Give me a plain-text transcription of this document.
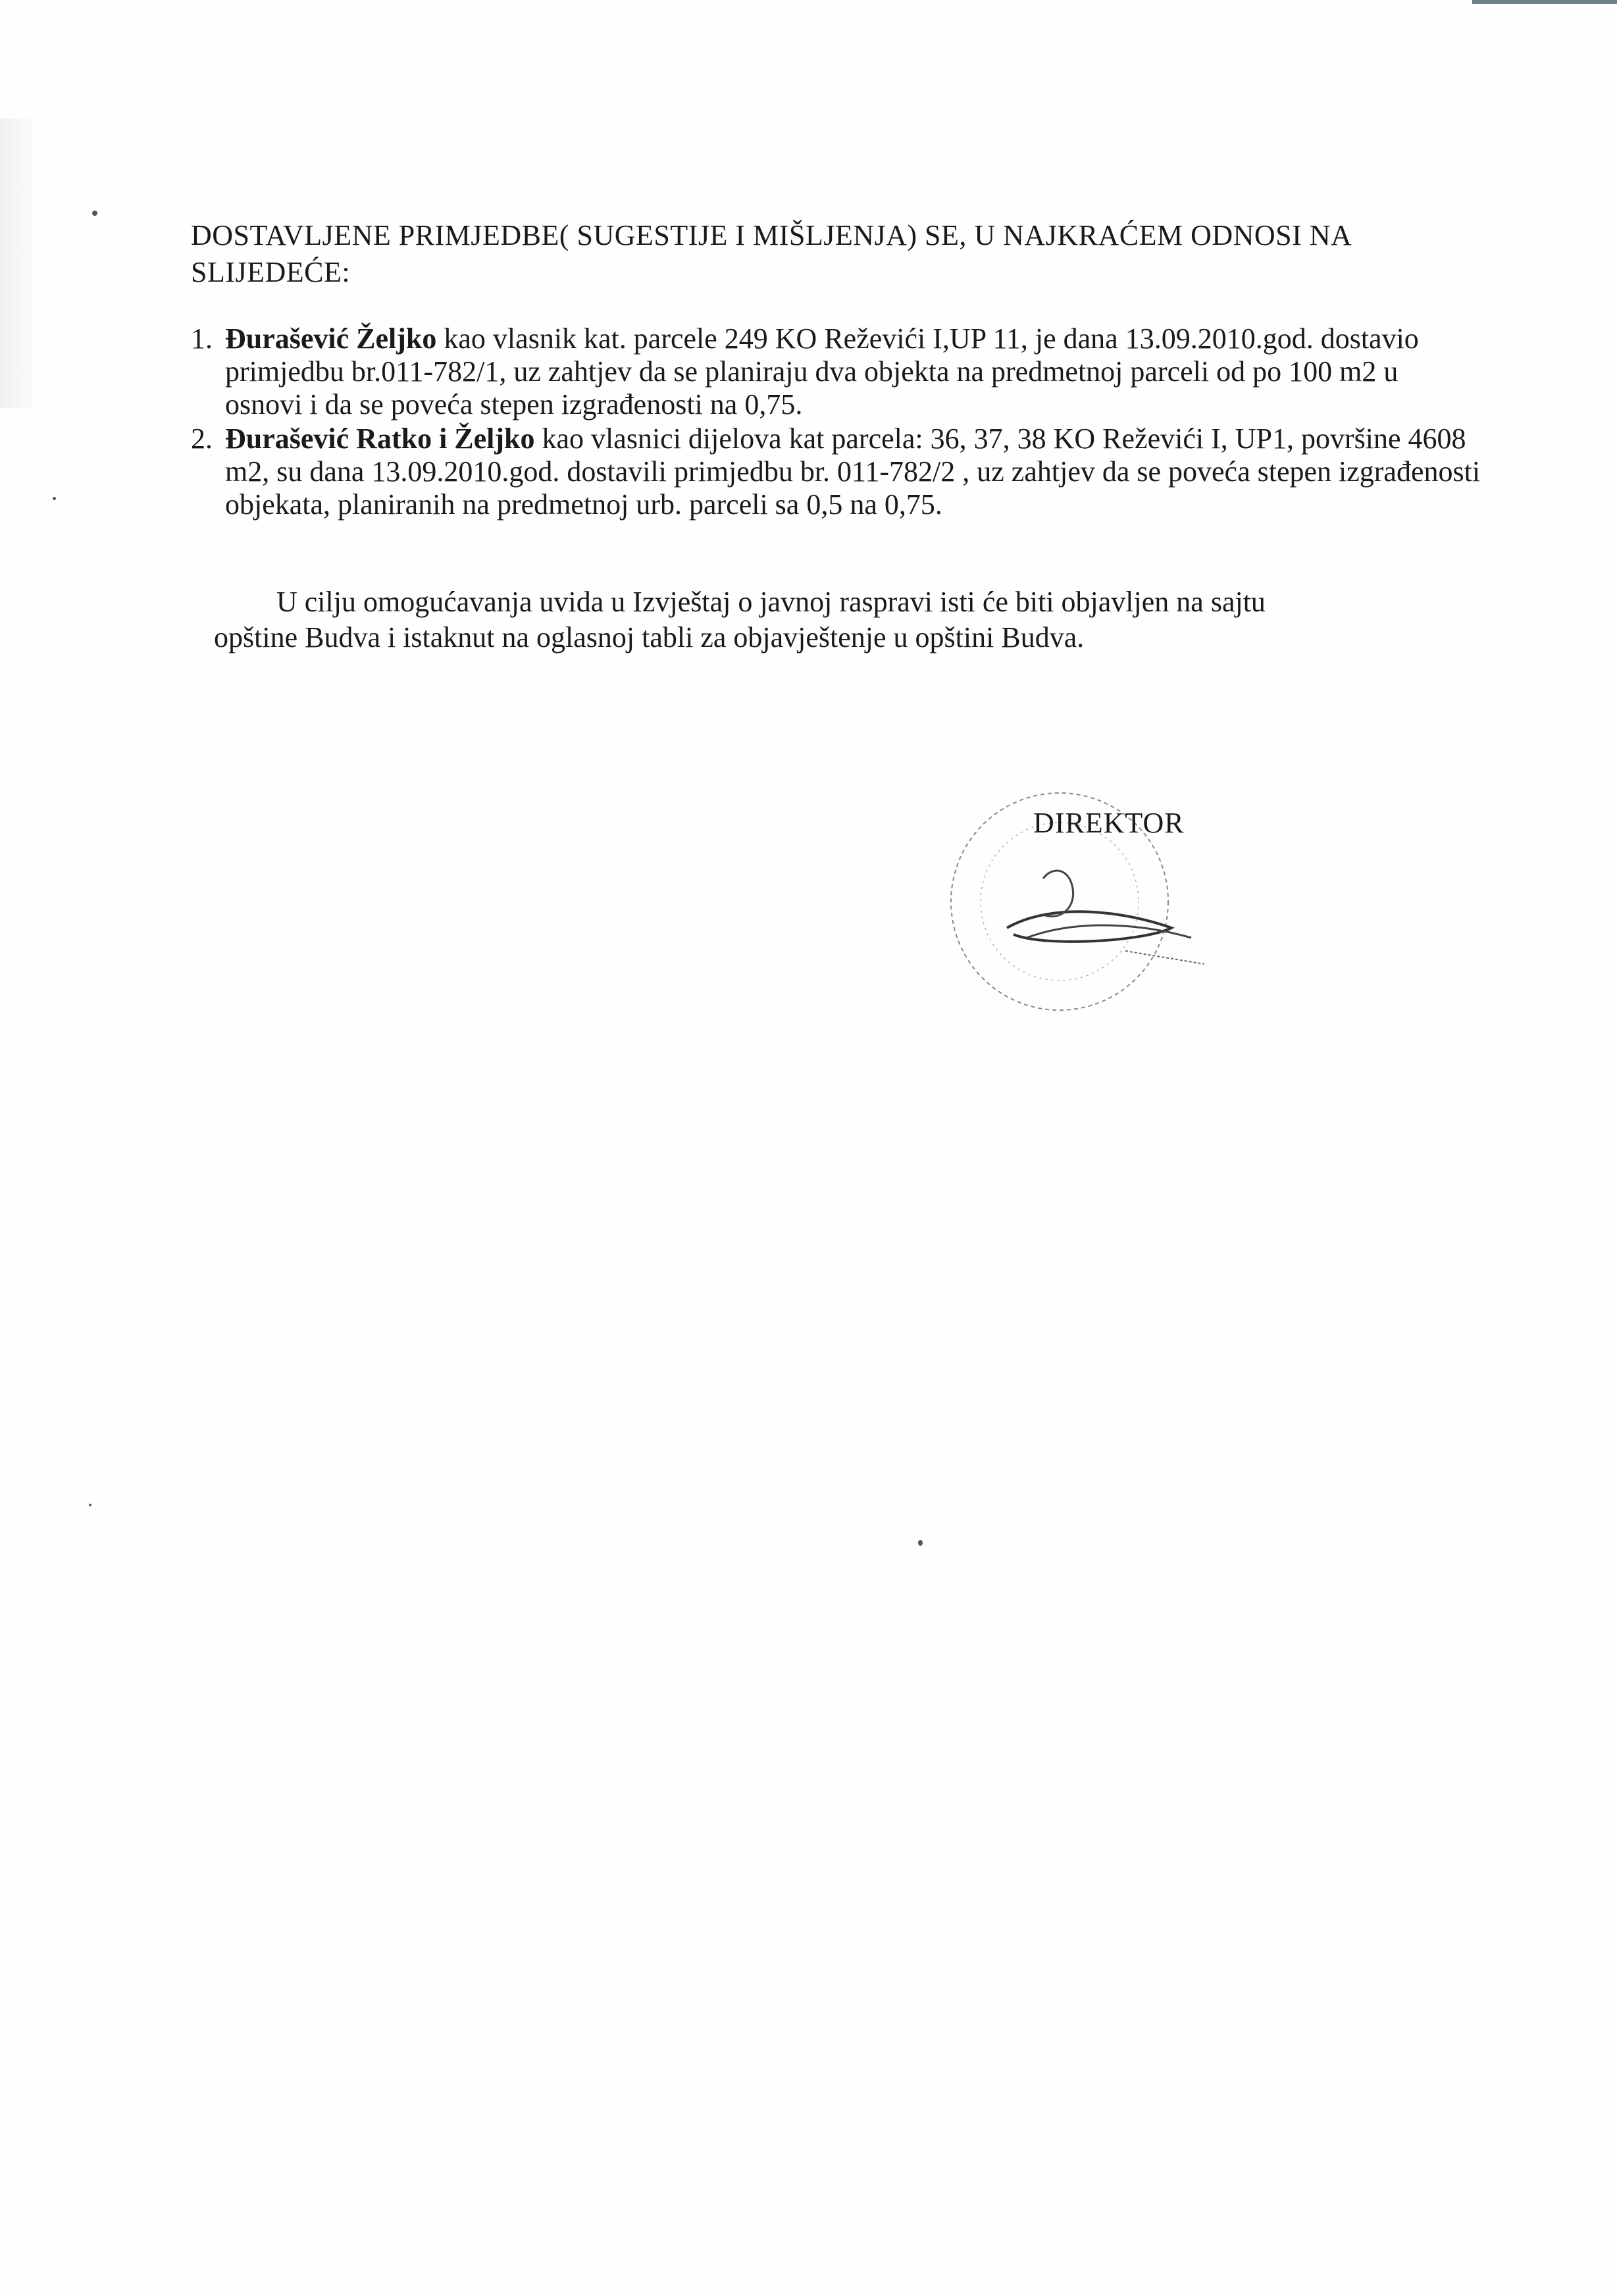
DOSTAVLJENE PRIMJEDBE( SUGESTIJE I MIŠLJENJA) SE, U NAJKRAĆEM ODNOSI NA
SLIJEDEĆE:
1. Đurašević Željko kao vlasnik kat. parcele 249 KO Reževići I,UP 11, je dana 13.09.2010.god. dostavio primjedbu br.011-782/1, uz zahtjev da se planiraju dva objekta na predmetnoj parceli od po 100 m2 u osnovi i da se poveća stepen izgrađenosti na 0,75.
2. Đurašević Ratko i Željko kao vlasnici dijelova kat parcela: 36, 37, 38 KO Reževići I, UP1, površine 4608 m2, su dana 13.09.2010.god. dostavili primjedbu br. 011-782/2 , uz zahtjev da se poveća stepen izgrađenosti objekata, planiranih na predmetnoj urb. parceli sa 0,5 na 0,75.
U cilju omogućavanja uvida u Izvještaj o javnoj raspravi isti će biti objavljen na sajtu
opštine Budva i istaknut na oglasnoj tabli za objavještenje u opštini Budva.
DIREKTOR
